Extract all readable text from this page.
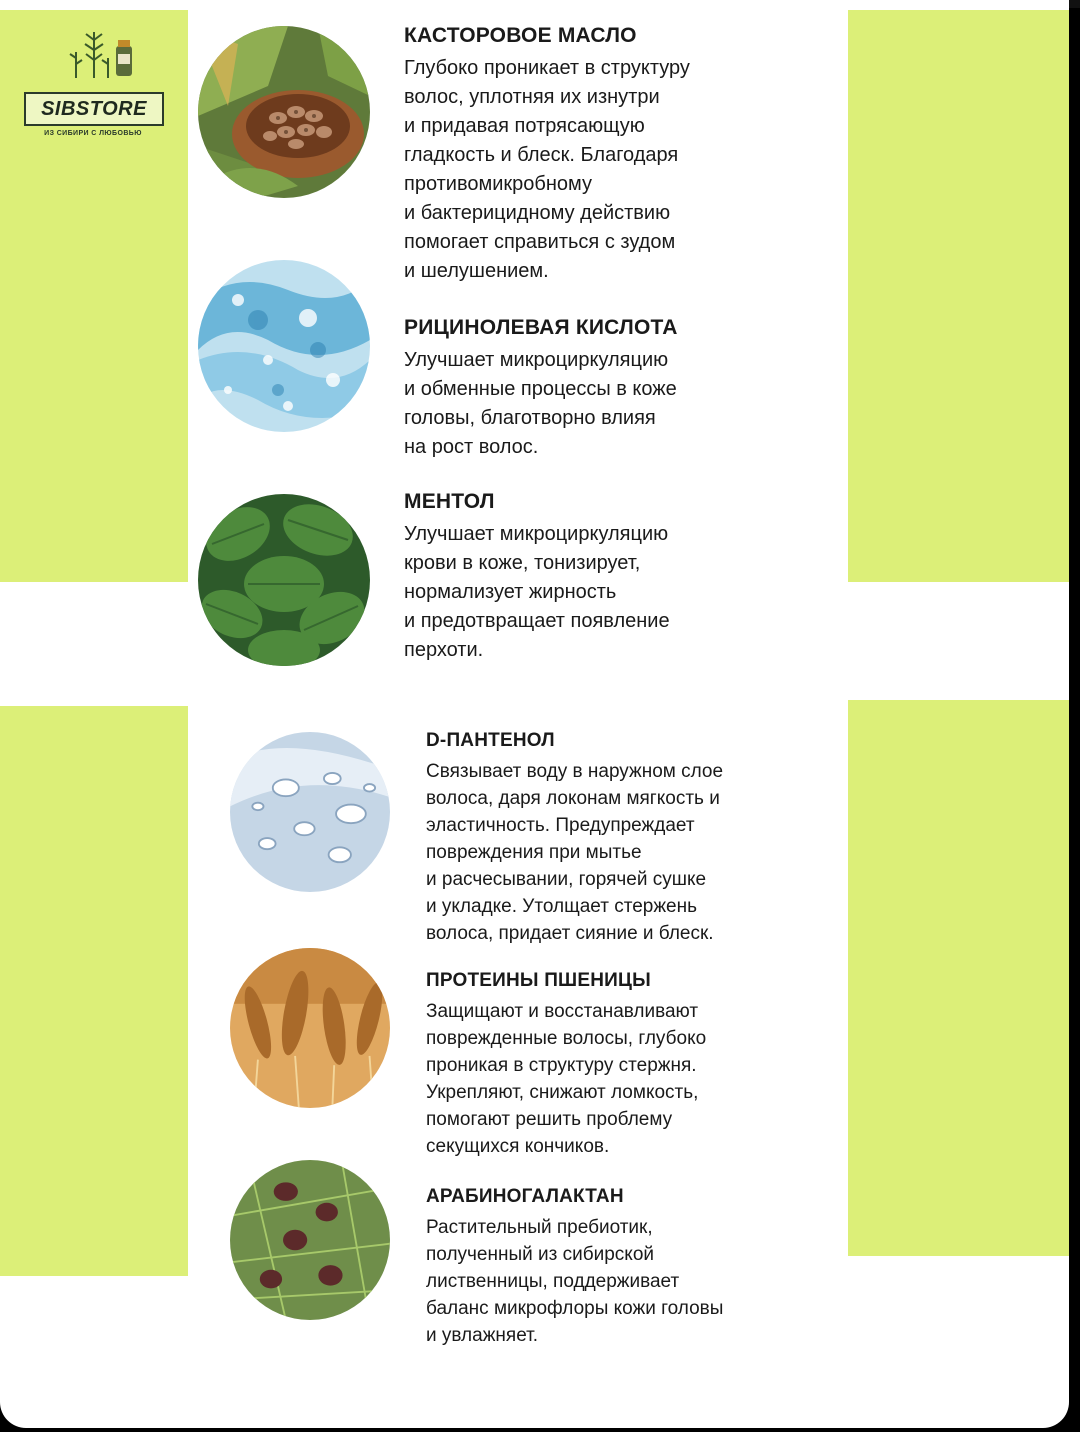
SIBSTORE
ИЗ СИБИРИ С ЛЮБОВЬЮ

КАСТОРОВОЕ МАСЛО

Глубоко проникает в структуру
волос, уплотняя их изнутри
и придавая потрясающую
гладкость и блеск. Благодаря
противомикробному
и бактерицидному действию
помогает справиться с зудом
и шелушением.

РИЦИНОЛЕВАЯ КИСЛОТА

Улучшает микроциркуляцию
и обменные процессы в коже
головы, благотворно влияя
на рост волос.

МЕНТОЛ

Улучшает микроциркуляцию
крови в коже, тонизирует,
нормализует жирность
и предотвращает появление
перхоти.

D-ПАНТЕНОЛ

Связывает воду в наружном слое
волоса, даря локонам мягкость и
эластичность. Предупреждает
повреждения при мытье
и расчесывании, горячей сушке
и укладке. Утолщает стержень
волоса, придает сияние и блеск.

ПРОТЕИНЫ ПШЕНИЦЫ

Защищают и восстанавливают
поврежденные волосы, глубоко
проникая в структуру стержня.
Укрепляют, снижают ломкость,
помогают решить проблему
секущихся кончиков.

АРАБИНОГАЛАКТАН

Растительный пребиотик,
полученный из сибирской
лиственницы, поддерживает
баланс микрофлоры кожи головы
и увлажняет.
